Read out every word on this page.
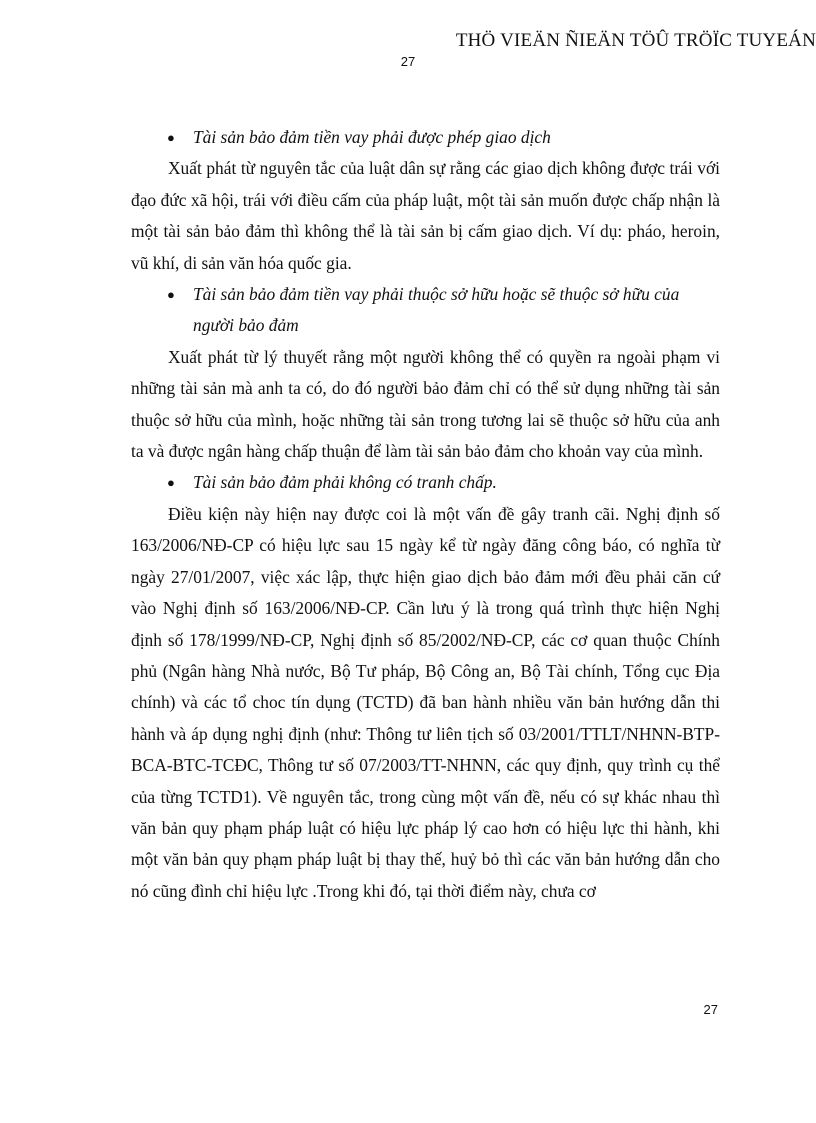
THÖ VIEÄN ÑIEÄN TÖÛ TRÖÏC TUYEÁN
27

● Tài sản bảo đảm tiền vay phải được phép giao dịch

Xuất phát từ nguyên tắc của luật dân sự rằng các giao dịch không được trái với đạo đức xã hội, trái với điều cấm của pháp luật, một tài sản muốn được chấp nhận là một tài sản bảo đảm thì không thể là tài sản bị cấm giao dịch. Ví dụ: pháo, heroin, vũ khí, di sản văn hóa quốc gia.

● Tài sản bảo đảm tiền vay phải thuộc sở hữu hoặc sẽ thuộc sở hữu của người bảo đảm

Xuất phát từ lý thuyết rằng một người không thể có quyền ra ngoài phạm vi những tài sản mà anh ta có, do đó người bảo đảm chỉ có thể sử dụng những tài sản thuộc sở hữu của mình, hoặc những tài sản trong tương lai sẽ thuộc sở hữu của anh ta và được ngân hàng chấp thuận để làm tài sản bảo đảm cho khoản vay của mình.

● Tài sản bảo đảm phải không có tranh chấp.

Điều kiện này hiện nay được coi là một vấn đề gây tranh cãi. Nghị định số 163/2006/NĐ-CP có hiệu lực sau 15 ngày kể từ ngày đăng công báo, có nghĩa từ ngày 27/01/2007, việc xác lập, thực hiện giao dịch bảo đảm mới đều phải căn cứ vào Nghị định số 163/2006/NĐ-CP. Cần lưu ý là trong quá trình thực hiện Nghị định số 178/1999/NĐ-CP, Nghị định số 85/2002/NĐ-CP, các cơ quan thuộc Chính phủ (Ngân hàng Nhà nước, Bộ Tư pháp, Bộ Công an, Bộ Tài chính, Tổng cục Địa chính) và các tổ choc tín dụng (TCTD) đã ban hành nhiều văn bản hướng dẫn thi hành và áp dụng nghị định (như: Thông tư liên tịch số 03/2001/TTLT/NHNN-BTP-BCA-BTC-TCĐC, Thông tư số 07/2003/TT-NHNN, các quy định, quy trình cụ thể của từng TCTD1). Về nguyên tắc, trong cùng một vấn đề, nếu có sự khác nhau thì văn bản quy phạm pháp luật có hiệu lực pháp lý cao hơn có hiệu lực thi hành, khi một văn bản quy phạm pháp luật bị thay thế, huỷ bỏ thì các văn bản hướng dẫn cho nó cũng đình chỉ hiệu lực .Trong khi đó, tại thời điểm này, chưa cơ

27
